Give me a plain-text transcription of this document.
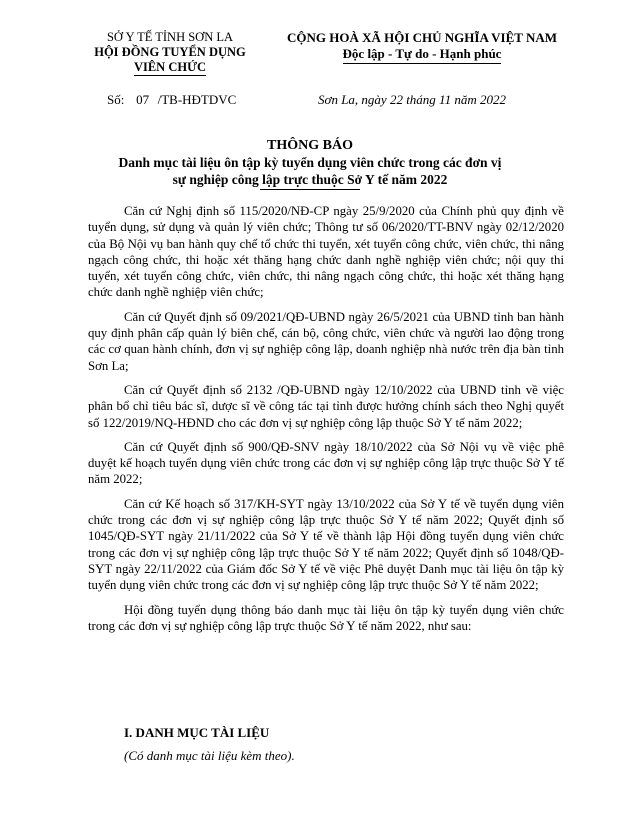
SỞ Y TẾ TỈNH SƠN LA
HỘI ĐỒNG TUYỂN DỤNG
VIÊN CHỨC
CỘNG HOÀ XÃ HỘI CHỦ NGHĨA VIỆT NAM
Độc lập - Tự do - Hạnh phúc
Số: 07 /TB-HĐTDVC	Sơn La, ngày 22 tháng 11 năm 2022
THÔNG BÁO
Danh mục tài liệu ôn tập kỳ tuyển dụng viên chức trong các đơn vị
sự nghiệp công lập trực thuộc Sở Y tế năm 2022

Căn cứ Nghị định số 115/2020/NĐ-CP ngày 25/9/2020 của Chính phủ quy định về tuyển dụng, sử dụng và quản lý viên chức; Thông tư số 06/2020/TT-BNV ngày 02/12/2020 của Bộ Nội vụ ban hành quy chế tổ chức thi tuyển, xét tuyển công chức, viên chức, thi nâng ngạch công chức, thi hoặc xét thăng hạng chức danh nghề nghiệp viên chức; nội quy thi tuyển, xét tuyển công chức, viên chức, thi nâng ngạch công chức, thi hoặc xét thăng hạng chức danh nghề nghiệp viên chức;

Căn cứ Quyết định số 09/2021/QĐ-UBND ngày 26/5/2021 của UBND tỉnh ban hành quy định phân cấp quản lý biên chế, cán bộ, công chức, viên chức và người lao động trong các cơ quan hành chính, đơn vị sự nghiệp công lập, doanh nghiệp nhà nước trên địa bàn tỉnh Sơn La;

Căn cứ Quyết định số 2132 /QĐ-UBND ngày 12/10/2022 của UBND tỉnh về việc phân bổ chỉ tiêu bác sĩ, dược sĩ về công tác tại tỉnh được hưởng chính sách theo Nghị quyết số 122/2019/NQ-HĐND cho các đơn vị sự nghiệp công lập thuộc Sở Y tế năm 2022;

Căn cứ Quyết định số 900/QĐ-SNV ngày 18/10/2022 của Sở Nội vụ về việc phê duyệt kế hoạch tuyển dụng viên chức trong các đơn vị sự nghiệp công lập trực thuộc Sở Y tế năm 2022;

Căn cứ Kế hoạch số 317/KH-SYT ngày 13/10/2022 của Sở Y tế về tuyển dụng viên chức trong các đơn vị sự nghiệp công lập trực thuộc Sở Y tế năm 2022; Quyết định số 1045/QĐ-SYT ngày 21/11/2022 của Sở Y tế về thành lập Hội đồng tuyển dụng viên chức trong các đơn vị sự nghiệp công lập trực thuộc Sở Y tế năm 2022; Quyết định số 1048/QĐ-SYT ngày 22/11/2022 của Giám đốc Sở Y tế về việc Phê duyệt Danh mục tài liệu ôn tập kỳ tuyển dụng viên chức trong các đơn vị sự nghiệp công lập trực thuộc Sở Y tế năm 2022;

Hội đồng tuyển dụng thông báo danh mục tài liệu ôn tập kỳ tuyển dụng viên chức trong các đơn vị sự nghiệp công lập trực thuộc Sở Y tế năm 2022, như sau:

I. DANH MỤC TÀI LIỆU
(Có danh mục tài liệu kèm theo).
